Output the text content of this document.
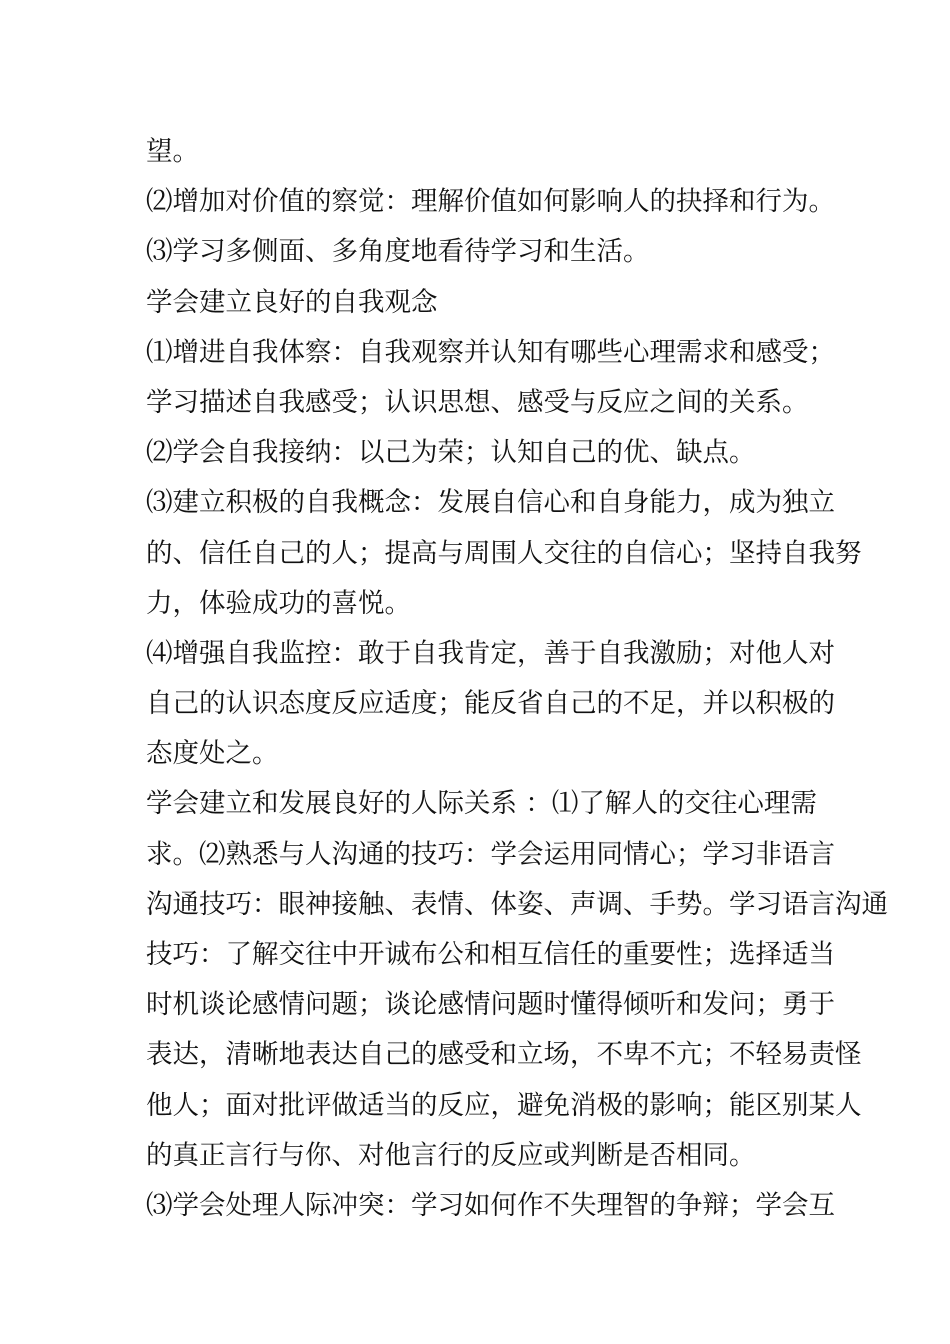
望。
⑵增加对价值的察觉：理解价值如何影响人的抉择和行为。
⑶学习多侧面、多角度地看待学习和生活。
学会建立良好的自我观念
⑴增进自我体察：自我观察并认知有哪些心理需求和感受；
学习描述自我感受；认识思想、感受与反应之间的关系。
⑵学会自我接纳：以己为荣；认知自己的优、缺点。
⑶建立积极的自我概念：发展自信心和自身能力，成为独立
的、信任自己的人；提高与周围人交往的自信心；坚持自我努
力，体验成功的喜悦。
⑷增强自我监控：敢于自我肯定，善于自我激励；对他人对
自己的认识态度反应适度；能反省自己的不足，并以积极的
态度处之。
学会建立和发展良好的人际关系 ：⑴了解人的交往心理需
求。⑵熟悉与人沟通的技巧：学会运用同情心；学习非语言
沟通技巧：眼神接触、表情、体姿、声调、手势。学习语言沟通
技巧：了解交往中开诚布公和相互信任的重要性；选择适当
时机谈论感情问题；谈论感情问题时懂得倾听和发问；勇于
表达，清晰地表达自己的感受和立场，不卑不亢；不轻易责怪
他人；面对批评做适当的反应，避免消极的影响；能区别某人
的真正言行与你、对他言行的反应或判断是否相同。
⑶学会处理人际冲突：学习如何作不失理智的争辩；学会互
